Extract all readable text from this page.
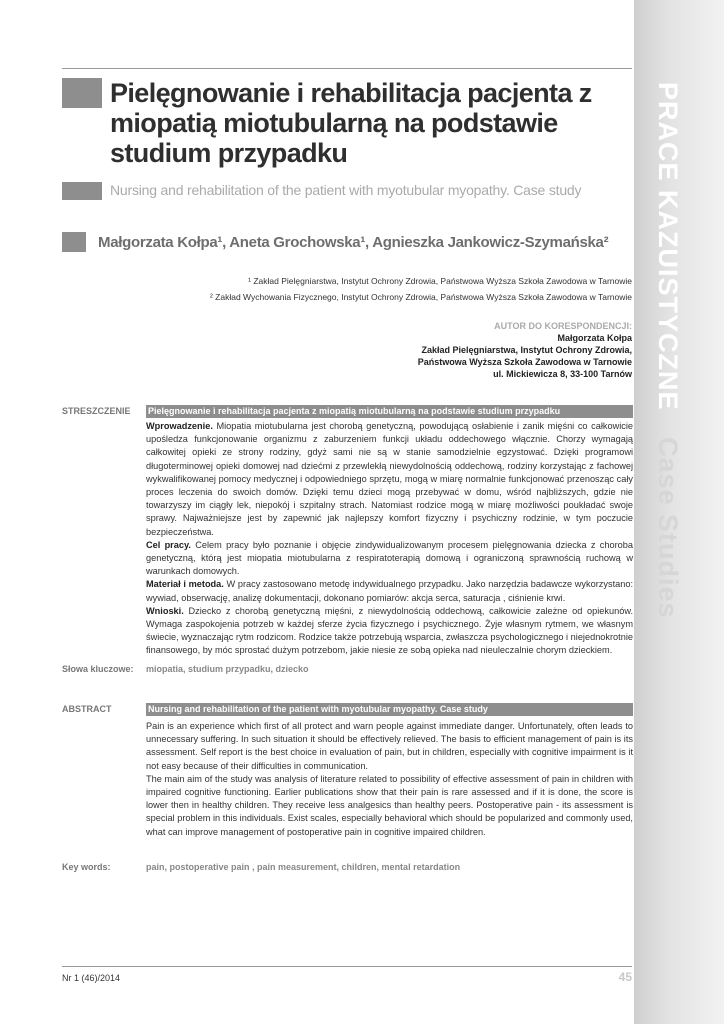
PRACE KAZUISTYCZNE Case Studies
Pielęgnowanie i rehabilitacja pacjenta z miopatią miotubularną na podstawie studium przypadku
Nursing and rehabilitation of the patient with myotubular myopathy. Case study
Małgorzata Kołpa¹, Aneta Grochowska¹, Agnieszka Jankowicz-Szymańska²
¹ Zakład Pielęgniarstwa, Instytut Ochrony Zdrowia, Państwowa Wyższa Szkoła Zawodowa w Tarnowie
² Zakład Wychowania Fizycznego, Instytut Ochrony Zdrowia, Państwowa Wyższa Szkoła Zawodowa w Tarnowie
AUTOR DO KORESPONDENCJI:
Małgorzata Kołpa
Zakład Pielęgniarstwa, Instytut Ochrony Zdrowia,
Państwowa Wyższa Szkoła Zawodowa w Tarnowie
ul. Mickiewicza 8, 33-100 Tarnów
STRESZCZENIE Pielęgnowanie i rehabilitacja pacjenta z miopatią miotubularną na podstawie studium przypadku

Wprowadzenie. Miopatia miotubularna jest chorobą genetyczną, powodującą osłabienie i zanik mięśni co całkowicie upośledza funkcjonowanie organizmu z zaburzeniem funkcji układu oddechowego włącznie. Chorzy wymagają całkowitej opieki ze strony rodziny, gdyż sami nie są w stanie samodzielnie egzystować. Dzięki programowi długoterminowej opieki domowej nad dziećmi z przewlekłą niewydolnością oddechową, rodziny korzystając z fachowej wykwalifikowanej pomocy medycznej i odpowiedniego sprzętu, mogą w miarę normalnie funkcjonować przenosząc cały proces leczenia do swoich domów. Dzięki temu dzieci mogą przebywać w domu, wśród najbliższych, gdzie nie towarzyszy im ciągły lek, niepokój i szpitalny strach. Natomiast rodzice mogą w miarę możliwości poukładać swoje sprawy. Najważniejsze jest by zapewnić jak najlepszy komfort fizyczny i psychiczny rodzinie, w tym poczucie bezpieczeństwa.

Cel pracy. Celem pracy było poznanie i objęcie zindywidualizowanym procesem pielęgnowania dziecka z choroba genetyczną, którą jest miopatia miotubularna z respiratoterapią domową i ograniczoną sprawnością ruchową w warunkach domowych.

Materiał i metoda. W pracy zastosowano metodę indywidualnego przypadku. Jako narzędzia badawcze wykorzystano: wywiad, obserwację, analizę dokumentacji, dokonano pomiarów: akcja serca, saturacja , ciśnienie krwi.

Wnioski. Dziecko z chorobą genetyczną mięśni, z niewydolnością oddechową, całkowicie zależne od opiekunów. Wymaga zaspokojenia potrzeb w każdej sferze życia fizycznego i psychicznego. Żyje własnym rytmem, we własnym świecie, wyznaczając rytm rodzicom. Rodzice także potrzebują wsparcia, zwłaszcza psychologicznego i niejednokrotnie finansowego, by móc sprostać dużym potrzebom, jakie niesie ze sobą opieka nad nieuleczalnie chorym dzieckiem.

Słowa kluczowe: miopatia, studium przypadku, dziecko
ABSTRACT	Nursing and rehabilitation of the patient with myotubular myopathy. Case study

Pain is an experience which first of all protect and warn people against immediate danger. Unfortunately, often leads to unnecessary suffering. In such situation it should be effectively relieved. The basis to efficient management of pain is its assessment. Self report is the best choice in evaluation of pain, but in children, especially with cognitive impairment is it not easy because of their difficulties in communication.

The main aim of the study was analysis of literature related to possibility of effective assessment of pain in children with impaired cognitive functioning. Earlier publications show that their pain is rare assessed and if it is done, the score is lower then in healthy children. They receive less analgesics than healthy peers. Postoperative pain - its assessment is special problem in this individuals. Exist scales, especially behavioral which should be popularized and commonly used, what can improve management of postoperative pain in cognitive impaired children.

Key words:	pain, postoperative pain , pain measurement, children, mental retardation
Nr 1 (46)/2014	45
